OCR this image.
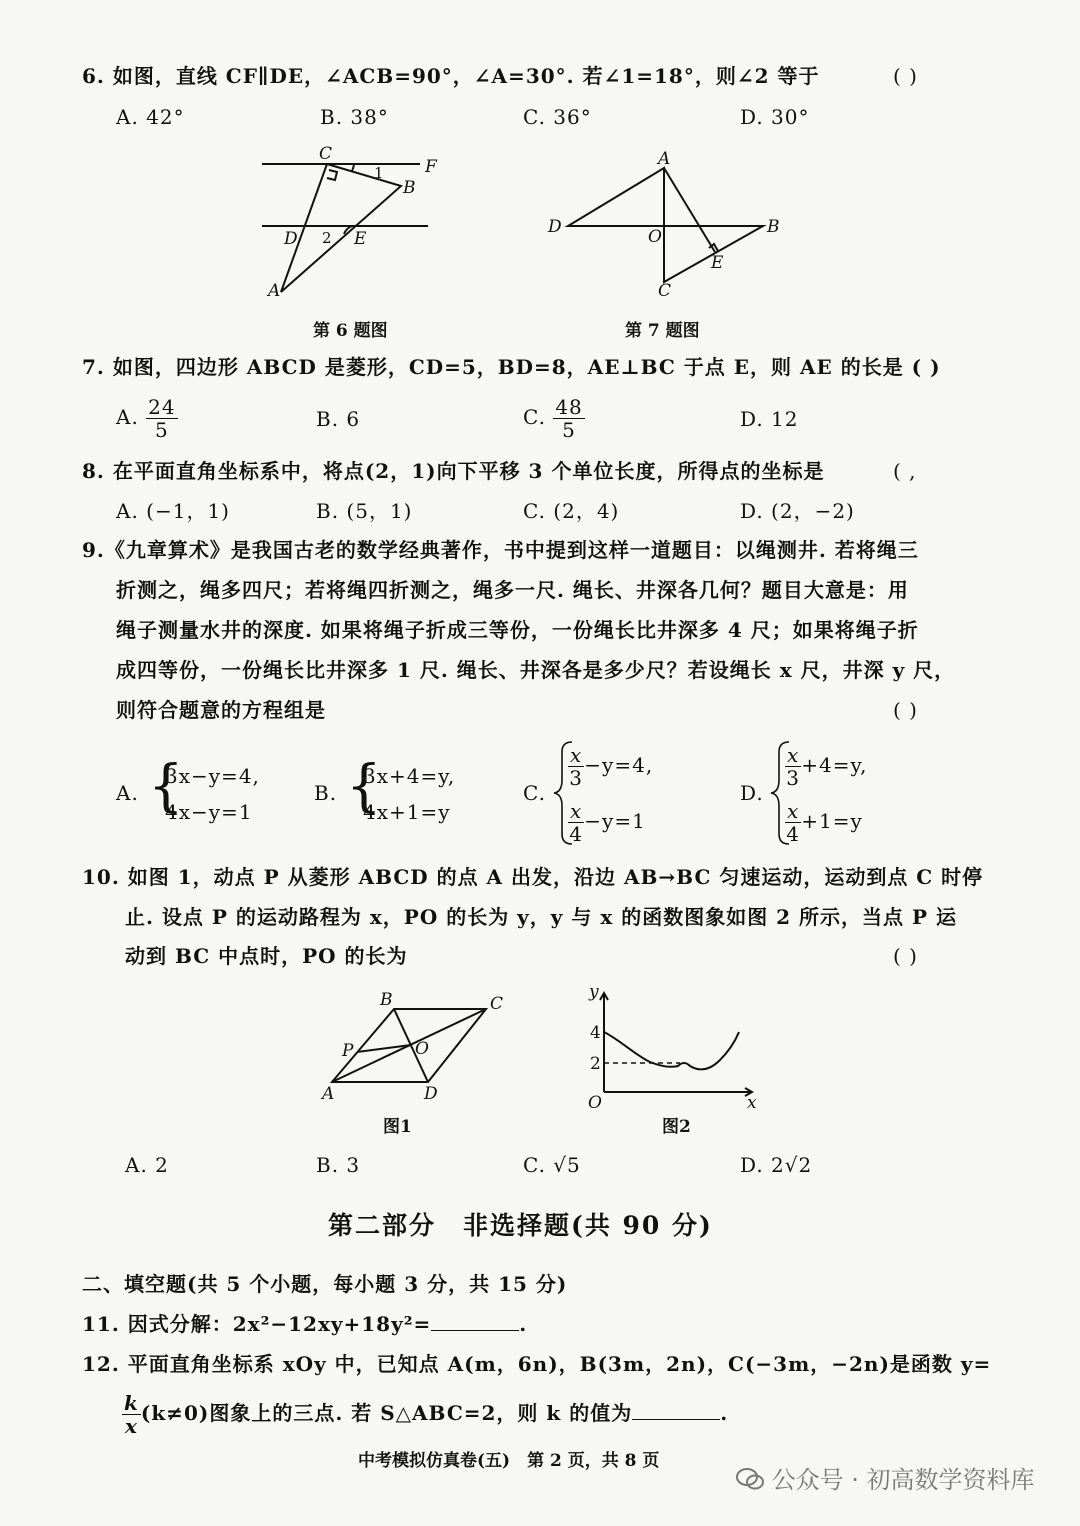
6. 如图，直线 CF∥DE，∠ACB=90°，∠A=30°. 若∠1=18°，则∠2 等于	( )
A. 42°	B. 38°	C. 36°	D. 30°
C
F
1
B
D 2 E
A
第 6 题图
A
D	O	B
E
C
第 7 题图
7. 如图，四边形 ABCD 是菱形，CD=5，BD=8，AE⊥BC 于点 E，则 AE 的长是 ( )
A. $\frac{24}{5}$	B. 6	C. $\frac{48}{5}$	D. 12
8. 在平面直角坐标系中，将点(2，1)向下平移 3 个单位长度，所得点的坐标是	( ,
A. (−1，1)	B. (5，1)	C. (2，4)	D. (2，−2)
9.《九章算术》是我国古老的数学经典著作，书中提到这样一道题目：以绳测井. 若将绳三
折测之，绳多四尺；若将绳四折测之，绳多一尺. 绳长、井深各几何？题目大意是：用
绳子测量水井的深度. 如果将绳子折成三等份，一份绳长比井深多 4 尺；如果将绳子折
成四等份，一份绳长比井深多 1 尺. 绳长、井深各是多少尺？若设绳长 x 尺，井深 y 尺，
则符合题意的方程组是	( )
A. {
3x−y=4,
4x−y=1
B. {
3x+4=y,
4x+1=y
C.
$\frac{x}{3} -y=4$,
$\frac{x}{4} -y=1$
D.
$\frac{x}{3} +4=y$,
$\frac{x}{4} +1=y$
10. 如图 1，动点 P 从菱形 ABCD 的点 A 出发，沿边 AB→BC 匀速运动，运动到点 C 时停
止. 设点 P 的运动路程为 x，PO 的长为 y，y 与 x 的函数图象如图 2 所示，当点 P 运
动到 BC 中点时，PO 的长为	( )
A
B	C
D
P	O
图1
y
x
O
4
2
图2
A. 2	B. 3	C. √5	D. 2√2
第二部分　非选择题(共 90 分)
二、填空题(共 5 个小题，每小题 3 分，共 15 分)
11. 因式分解：2x²−12xy+18y²=	.
12. 平面直角坐标系 xOy 中，已知点 A(m，6n)，B(3m，2n)，C(−3m，−2n)是函数 y=
$\frac{k}{x} (k\ne 0)$图象上的三点. 若 S△ABC=2，则 k 的值为	.
中考模拟仿真卷(五)　第 2 页，共 8 页
公众号 · 初高数学资料库
